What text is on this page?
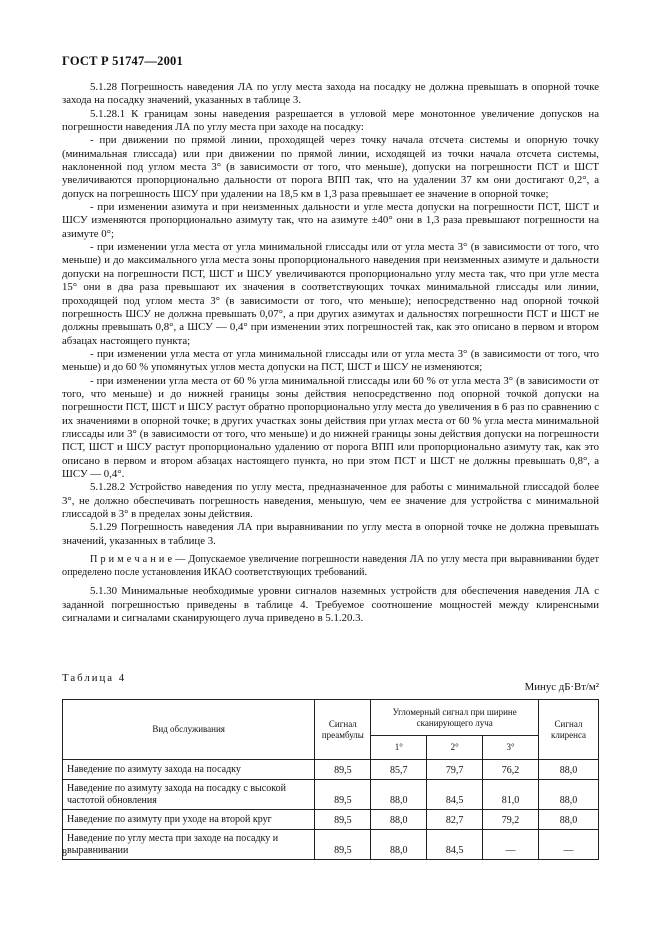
ГОСТ Р 51747—2001

5.1.28 Погрешность наведения ЛА по углу места захода на посадку не должна превышать в опорной точке захода на посадку значений, указанных в таблице 3.

5.1.28.1 К границам зоны наведения разрешается в угловой мере монотонное увеличение допусков на погрешности наведения ЛА по углу места при заходе на посадку:

- при движении по прямой линии, проходящей через точку начала отсчета системы и опорную точку (минимальная глиссада) или при движении по прямой линии, исходящей из точки начала отсчета системы, наклоненной под углом места 3° (в зависимости от того, что меньше), допуски на погрешности ПСТ и ШСТ увеличиваются пропорционально дальности от порога ВПП так, что на удалении 37 км они достигают 0,2°, а допуск на погрешность ШСУ при удалении на 18,5 км в 1,3 раза превышает ее значение в опорной точке;

- при изменении азимута и при неизменных дальности и угле места допуски на погрешности ПСТ, ШСТ и ШСУ изменяются пропорционально азимуту так, что на азимуте ±40° они в 1,3 раза превышают погрешности на азимуте 0°;

- при изменении угла места от угла минимальной глиссады или от угла места 3° (в зависимости от того, что меньше) и до максимального угла места зоны пропорционального наведения при неизменных азимуте и дальности допуски на погрешности ПСТ, ШСТ и ШСУ увеличиваются пропорционально углу места так, что при угле места 15° они в два раза превышают их значения в соответствующих точках минимальной глиссады или линии, проходящей под углом места 3° (в зависимости от того, что меньше); непосредственно над опорной точкой погрешность ШСУ не должна превышать 0,07°, а при других азимутах и дальностях погрешности ПСТ и ШСТ не должны превышать 0,8°, а ШСУ — 0,4° при изменении этих погрешностей так, как это описано в первом и втором абзацах настоящего пункта;

- при изменении угла места от угла минимальной глиссады или от угла места 3° (в зависимости от того, что меньше) и до 60 % упомянутых углов места допуски на ПСТ, ШСТ и ШСУ не изменяются;

- при изменении угла места от 60 % угла минимальной глиссады или 60 % от угла места 3° (в зависимости от того, что меньше) и до нижней границы зоны действия непосредственно под опорной точкой допуски на погрешности ПСТ, ШСТ и ШСУ растут обратно пропорционально углу места до увеличения в 6 раз по сравнению с их значениями в опорной точке; в других участках зоны действия при углах места от 60 % угла места минимальной глиссады или 3° (в зависимости от того, что меньше) и до нижней границы зоны действия допуски на погрешности ПСТ, ШСТ и ШСУ растут пропорционально удалению от порога ВПП или пропорционально азимуту так, как это описано в первом и втором абзацах настоящего пункта, но при этом ПСТ и ШСТ не должны превышать 0,8°, а ШСУ — 0,4°.

5.1.28.2 Устройство наведения по углу места, предназначенное для работы с минимальной глиссадой более 3°, не должно обеспечивать погрешность наведения, меньшую, чем ее значение для устройства с минимальной глиссадой в 3° в пределах зоны действия.

5.1.29 Погрешность наведения ЛА при выравнивании по углу места в опорной точке не должна превышать значений, указанных в таблице 3.

П р и м е ч а н и е — Допускаемое увеличение погрешности наведения ЛА по углу места при выравнивании будет определено после установления ИКАО соответствующих требований.

5.1.30 Минимальные необходимые уровни сигналов наземных устройств для обеспечения наведения ЛА с заданной погрешностью приведены в таблице 4. Требуемое соотношение мощностей между клиренсными сигналами и сигналами сканирующего луча приведено в 5.1.20.3.

Таблица 4
Минус дБ·Вт/м²
Вид обслуживания	Сигнал преамбулы	Угломерный сигнал при ширине сканирующего луча			Сигнал клиренса
		1°	2°	3°	
Наведение по азимуту захода на посадку	89,5	85,7	79,7	76,2	88,0
Наведение по азимуту захода на посадку с высокой частотой обновления	89,5	88,0	84,5	81,0	88,0
Наведение по азимуту при уходе на второй круг	89,5	88,0	82,7	79,2	88,0
Наведение по углу места при заходе на посадку и выравнивании	89,5	88,0	84,5	—	—
8
